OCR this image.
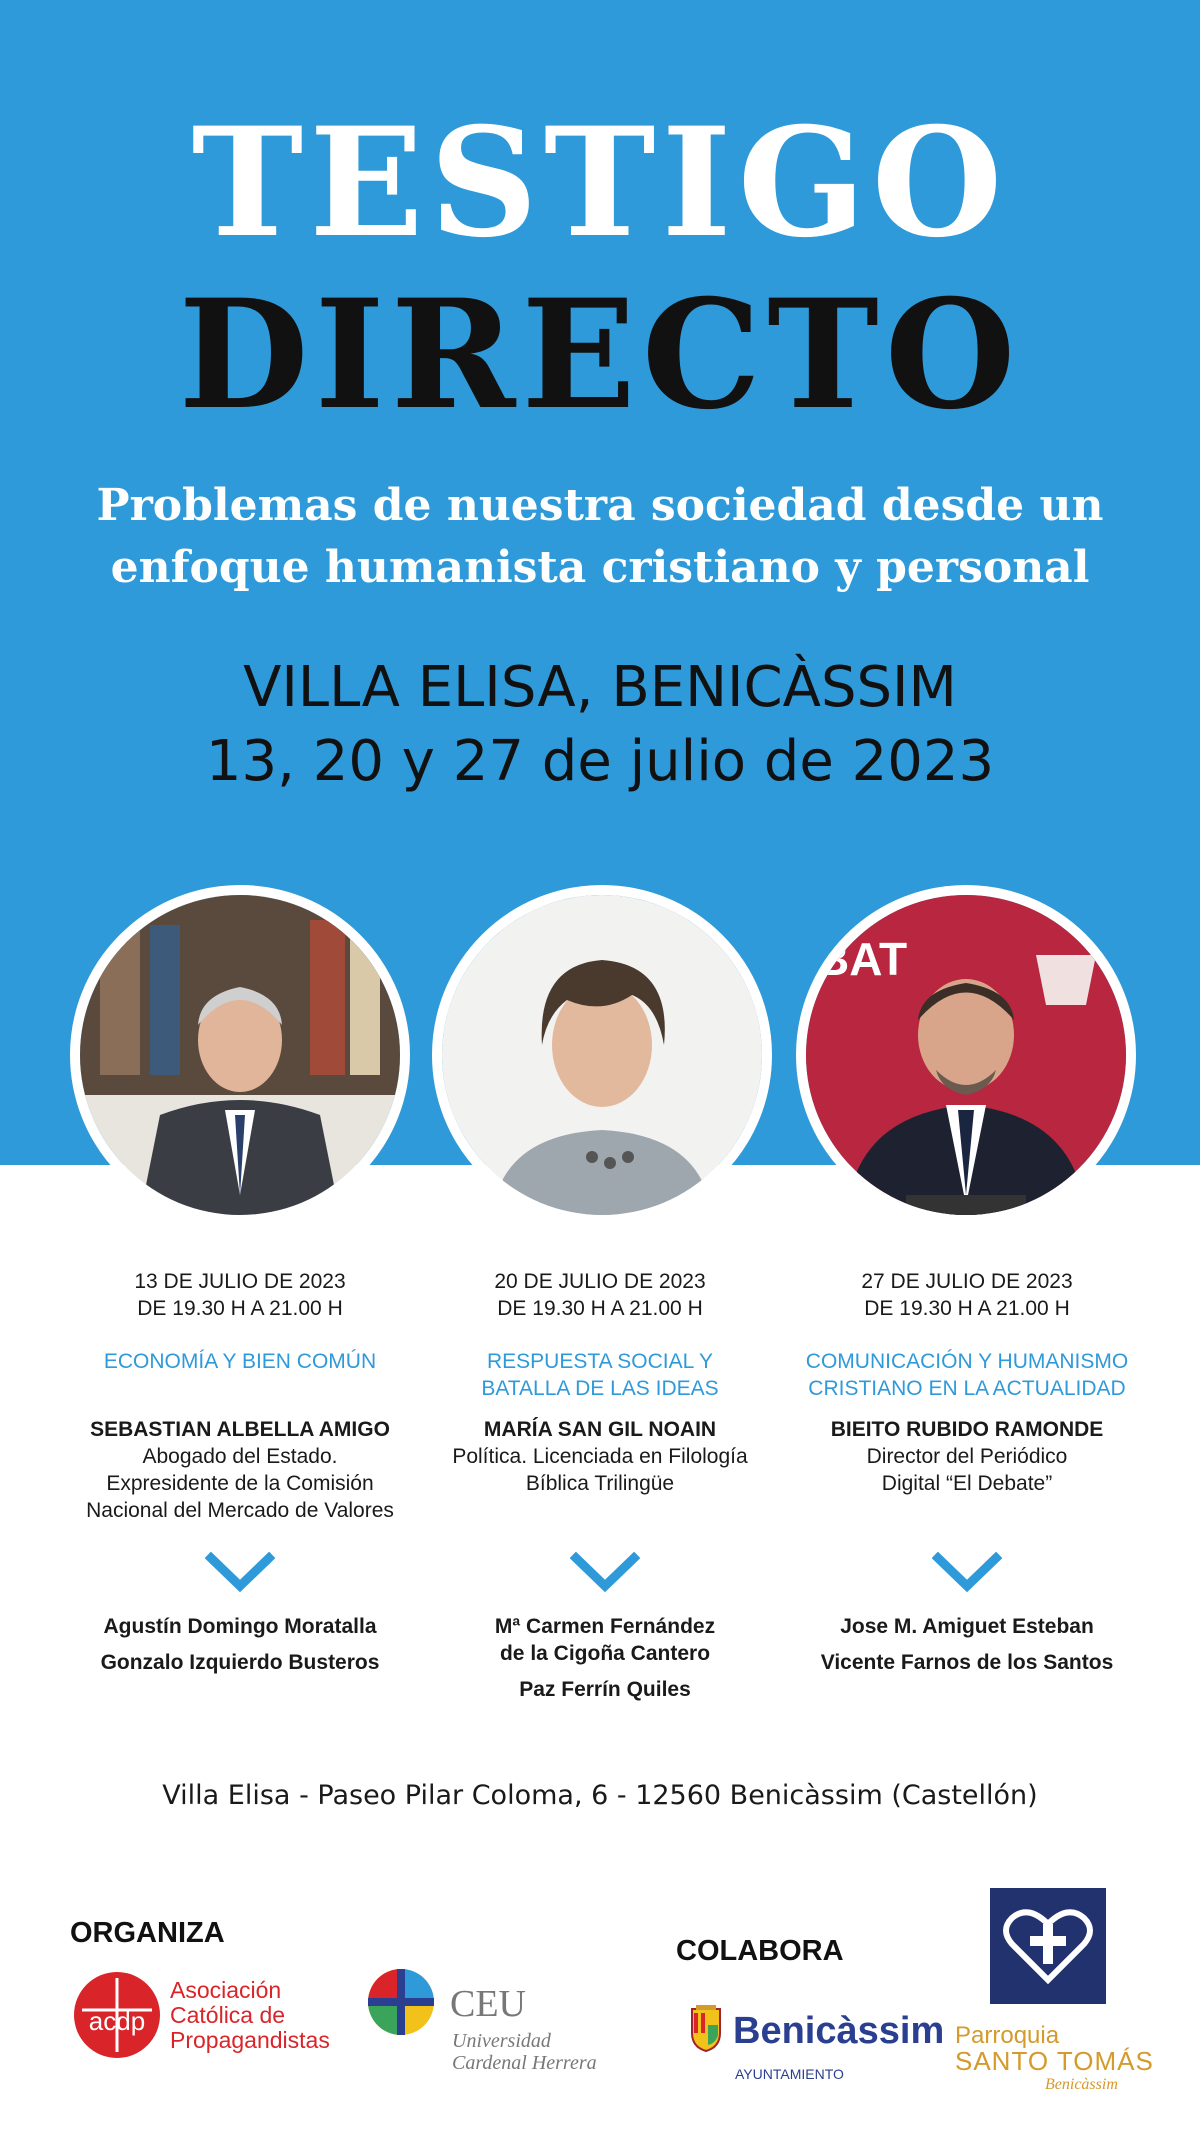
TESTIGO
DIRECTO
Problemas de nuestra sociedad desde un enfoque humanista cristiano y personal
VILLA ELISA, BENICÀSSIM
13, 20 y 27 de julio de 2023
BAT
13 DE JULIO DE 2023
DE 19.30 H A 21.00 H
ECONOMÍA Y BIEN COMÚN
SEBASTIAN ALBELLA AMIGO
Abogado del Estado.
Expresidente de la Comisión
Nacional del Mercado de Valores
20 DE JULIO DE 2023
DE 19.30 H A 21.00 H
RESPUESTA SOCIAL Y
BATALLA DE LAS IDEAS
MARÍA SAN GIL NOAIN
Política. Licenciada en Filología
Bíblica Trilingüe
27 DE JULIO DE 2023
DE 19.30 H A 21.00 H
COMUNICACIÓN Y HUMANISMO
CRISTIANO EN LA ACTUALIDAD
BIEITO RUBIDO RAMONDE
Director del Periódico
Digital “El Debate”
Agustín Domingo Moratalla
Gonzalo Izquierdo Busteros
Mª Carmen Fernández de la Cigoña Cantero
Paz Ferrín Quiles
Jose M. Amiguet Esteban
Vicente Farnos de los Santos
Villa Elisa - Paseo Pilar Coloma, 6 - 12560 Benicàssim (Castellón)
ORGANIZA
acdp
Asociación
Católica de
Propagandistas
CEU
Universidad
Cardenal Herrera
COLABORA
Benicàssim
AYUNTAMIENTO
Parroquia
SANTO TOMÁS
Benicàssim
